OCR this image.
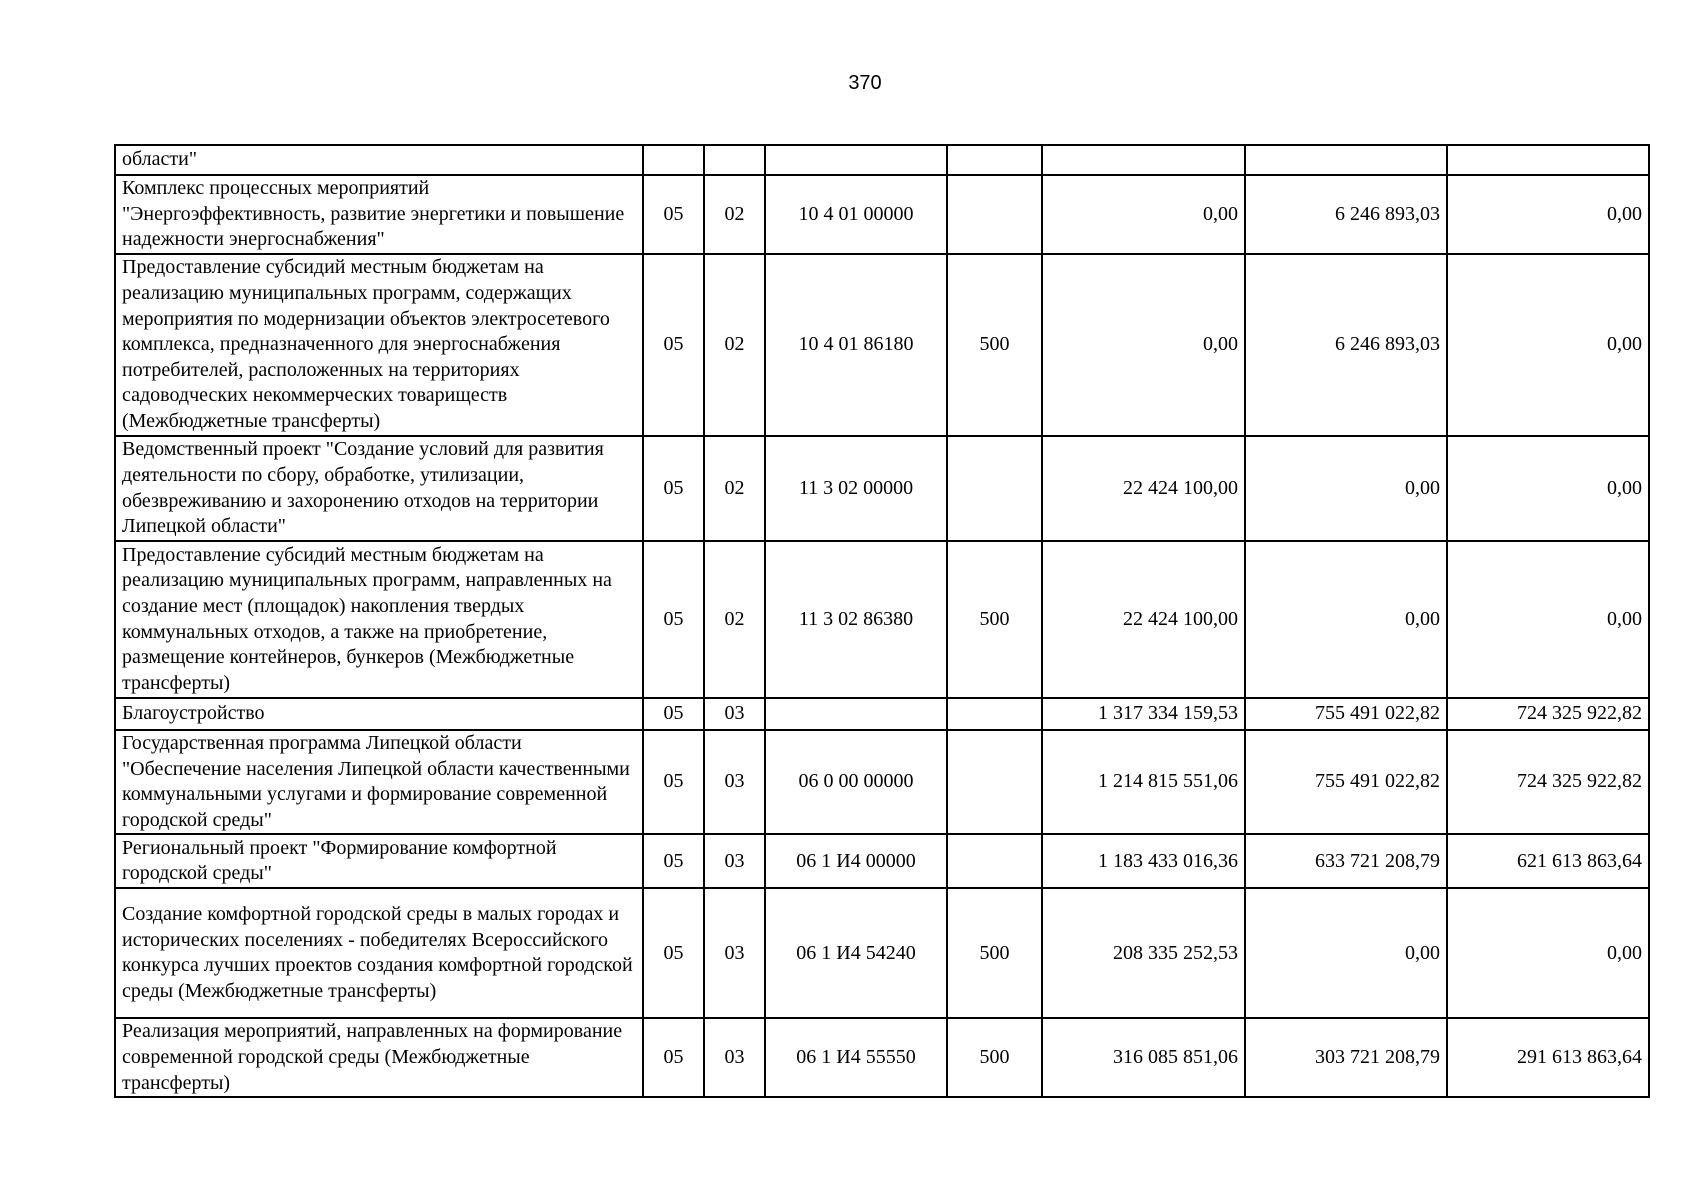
370
области"							
Комплекс процессных мероприятий "Энергоэффективность, развитие энергетики и повышение надежности энергоснабжения"	05	02	10 4 01 00000		0,00	6 246 893,03	0,00
Предоставление субсидий местным бюджетам на реализацию муниципальных программ, содержащих мероприятия по модернизации объектов электросетевого комплекса, предназначенного для энергоснабжения потребителей, расположенных на территориях садоводческих некоммерческих товариществ (Межбюджетные трансферты)	05	02	10 4 01 86180	500	0,00	6 246 893,03	0,00
Ведомственный проект "Создание условий для развития деятельности по сбору, обработке, утилизации, обезвреживанию и захоронению отходов на территории Липецкой области"	05	02	11 3 02 00000		22 424 100,00	0,00	0,00
Предоставление субсидий местным бюджетам на реализацию муниципальных программ, направленных на создание мест (площадок) накопления твердых коммунальных отходов, а также на приобретение, размещение контейнеров, бункеров (Межбюджетные трансферты)	05	02	11 3 02 86380	500	22 424 100,00	0,00	0,00
Благоустройство	05	03			1 317 334 159,53	755 491 022,82	724 325 922,82
Государственная программа Липецкой области "Обеспечение населения Липецкой области качественными коммунальными услугами и формирование современной городской среды"	05	03	06 0 00 00000		1 214 815 551,06	755 491 022,82	724 325 922,82
Региональный проект "Формирование комфортной городской среды"	05	03	06 1 И4 00000		1 183 433 016,36	633 721 208,79	621 613 863,64
Создание комфортной городской среды в малых городах и исторических поселениях - победителях Всероссийского конкурса лучших проектов создания комфортной городской среды (Межбюджетные трансферты)	05	03	06 1 И4 54240	500	208 335 252,53	0,00	0,00
Реализация мероприятий, направленных на формирование современной городской среды (Межбюджетные трансферты)	05	03	06 1 И4 55550	500	316 085 851,06	303 721 208,79	291 613 863,64
